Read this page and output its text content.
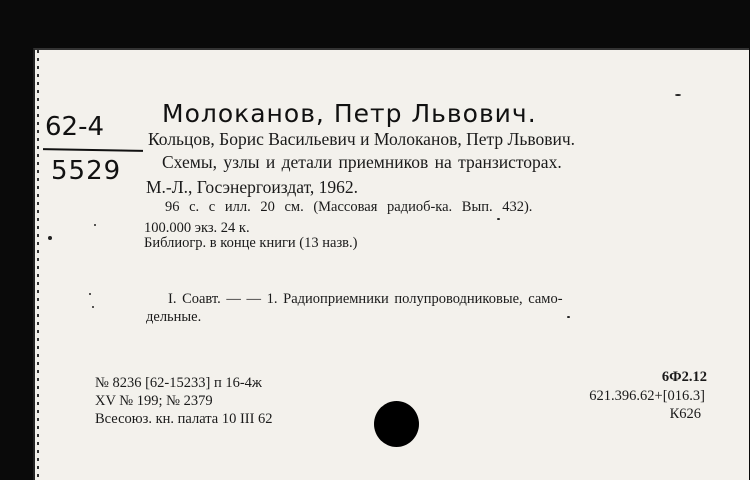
Молоканов, Петр Львович.
62-4
5529
Кольцов, Борис Васильевич и Молоканов, Петр Львович.
Схемы, узлы и детали приемников на транзисторах.
М.-Л., Госэнергоиздат, 1962.
96 с. с илл. 20 см. (Массовая радиоб-ка. Вып. 432).
100.000 экз. 24 к.
Библиогр. в конце книги (13 назв.)
I. Соавт. — — 1. Радиоприемники полупроводниковые, само-
дельные.
№ 8236 [62-15233] п 16-4ж
XV № 199; № 2379
Всесоюз. кн. палата 10 III 62
6Ф2.12
621.396.62+[016.3]
К626
